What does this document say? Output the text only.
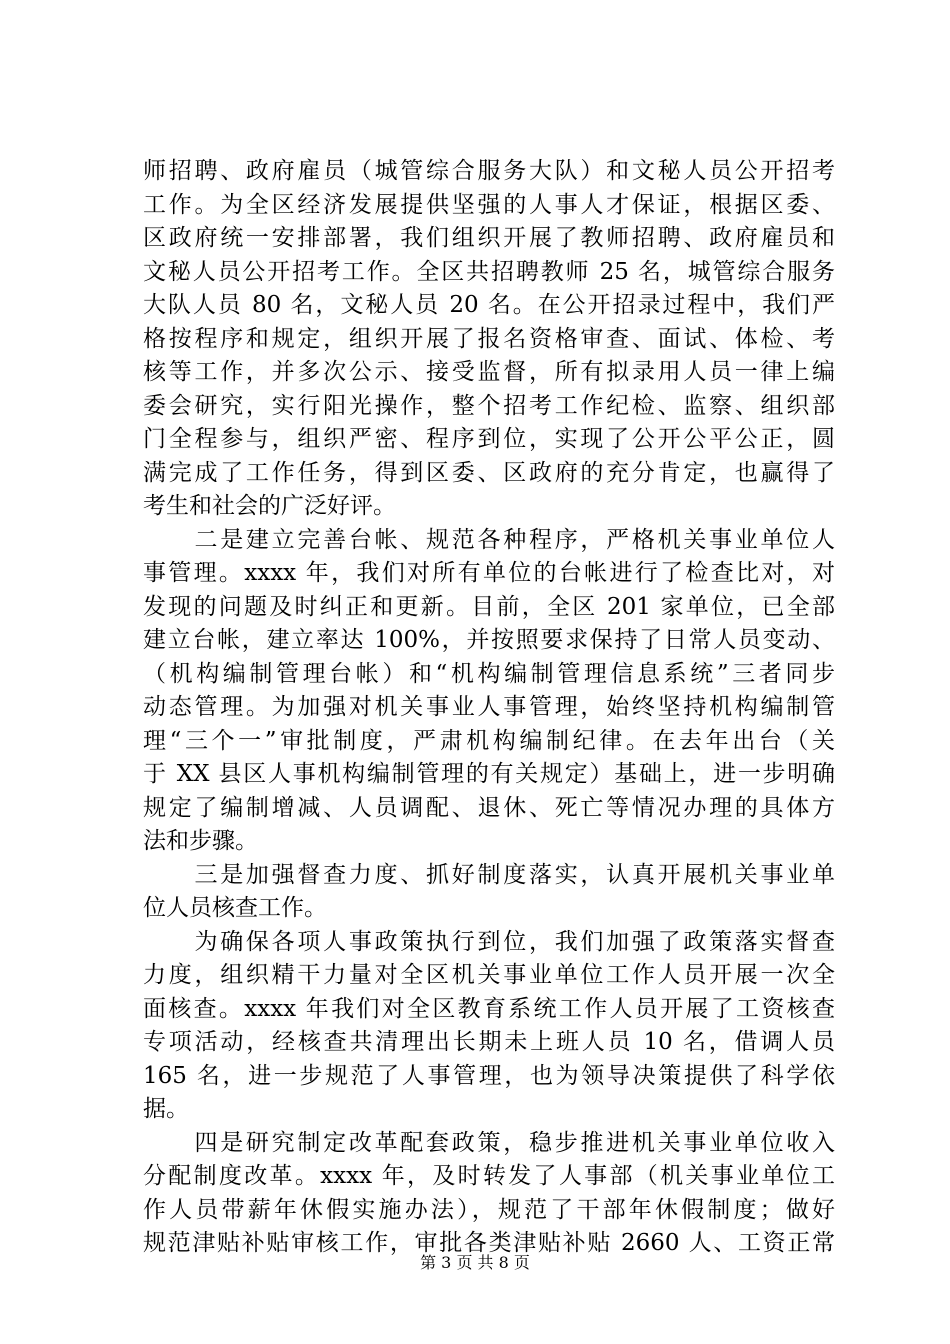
师招聘、政府雇员（城管综合服务大队）和文秘人员公开招考
工作。为全区经济发展提供坚强的人事人才保证，根据区委、
区政府统一安排部署，我们组织开展了教师招聘、政府雇员和
文秘人员公开招考工作。全区共招聘教师 25 名，城管综合服务
大队人员 80 名，文秘人员 20 名。在公开招录过程中，我们严
格按程序和规定，组织开展了报名资格审查、面试、体检、考
核等工作，并多次公示、接受监督，所有拟录用人员一律上编
委会研究，实行阳光操作，整个招考工作纪检、监察、组织部
门全程参与，组织严密、程序到位，实现了公开公平公正，圆
满完成了工作任务，得到区委、区政府的充分肯定，也赢得了
考生和社会的广泛好评。
　　二是建立完善台帐、规范各种程序，严格机关事业单位人
事管理。xxxx 年，我们对所有单位的台帐进行了检查比对，对
发现的问题及时纠正和更新。目前，全区 201 家单位，已全部
建立台帐，建立率达 100%，并按照要求保持了日常人员变动、
（机构编制管理台帐）和“机构编制管理信息系统”三者同步
动态管理。为加强对机关事业人事管理，始终坚持机构编制管
理“三个一”审批制度，严肃机构编制纪律。在去年出台（关
于 XX 县区人事机构编制管理的有关规定）基础上，进一步明确
规定了编制增减、人员调配、退休、死亡等情况办理的具体方
法和步骤。
　　三是加强督查力度、抓好制度落实，认真开展机关事业单
位人员核查工作。
　　为确保各项人事政策执行到位，我们加强了政策落实督查
力度，组织精干力量对全区机关事业单位工作人员开展一次全
面核查。xxxx 年我们对全区教育系统工作人员开展了工资核查
专项活动，经核查共清理出长期未上班人员 10 名，借调人员
165 名，进一步规范了人事管理，也为领导决策提供了科学依
据。
　　四是研究制定改革配套政策，稳步推进机关事业单位收入
分配制度改革。xxxx 年，及时转发了人事部（机关事业单位工
作人员带薪年休假实施办法），规范了干部年休假制度；做好
规范津贴补贴审核工作，审批各类津贴补贴 2660 人、工资正常
第 3 页 共 8 页
